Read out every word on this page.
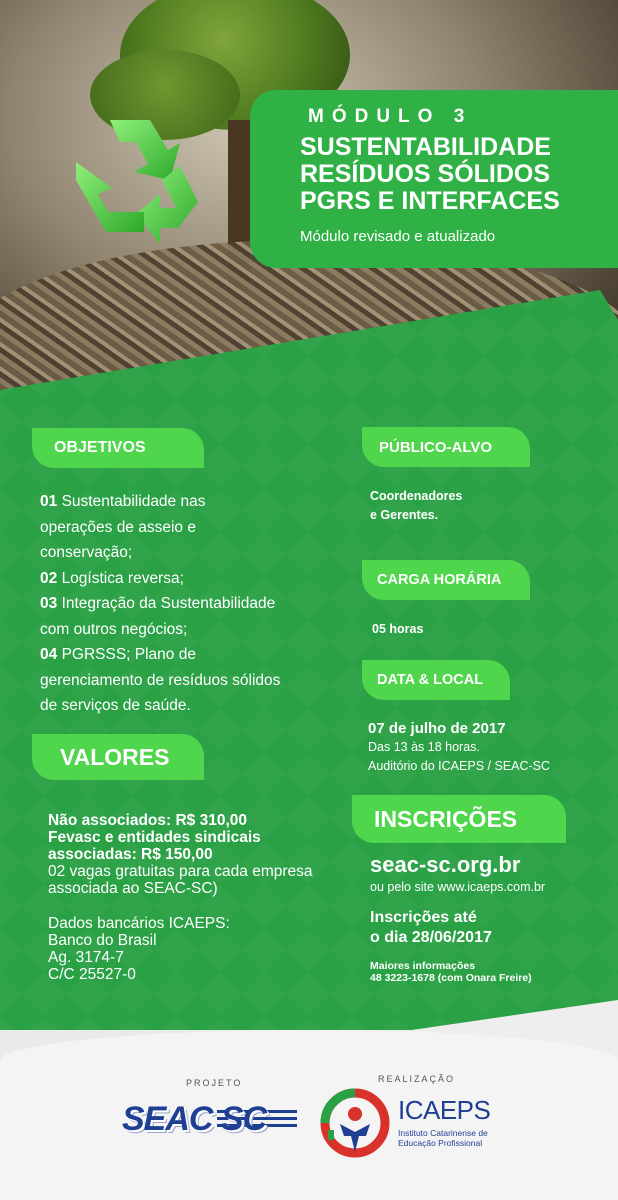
MÓDULO 3
SUSTENTABILIDADE
RESÍDUOS SÓLIDOS
PGRS E INTERFACES
Módulo revisado e atualizado
OBJETIVOS
01 Sustentabilidade nas
operações de asseio e
conservação;
02 Logística reversa;
03 Integração da Sustentabilidade
com outros negócios;
04 PGRSSS; Plano de
gerenciamento de resíduos sólidos
de serviços de saúde.
VALORES
Não associados: R$ 310,00
Fevasc e entidades sindicais
associadas: R$ 150,00
02 vagas gratuitas para cada empresa
associada ao SEAC-SC)
Dados bancários ICAEPS:
Banco do Brasil
Ag. 3174-7
C/C 25527-0
PÚBLICO-ALVO
Coordenadores
e Gerentes.
CARGA HORÁRIA
05 horas
DATA & LOCAL
07 de julho de 2017
Das 13 às 18 horas.
Auditório do ICAEPS / SEAC-SC
INSCRIÇÕES
seac-sc.org.br
ou pelo site www.icaeps.com.br
Inscrições até
o dia 28/06/2017
Maiores informações
48 3223-1678 (com Onara Freire)
PROJETO
SEAC SC
REALIZAÇÃO
ICAEPS
Instituto Catarinense de
Educação Profissional
